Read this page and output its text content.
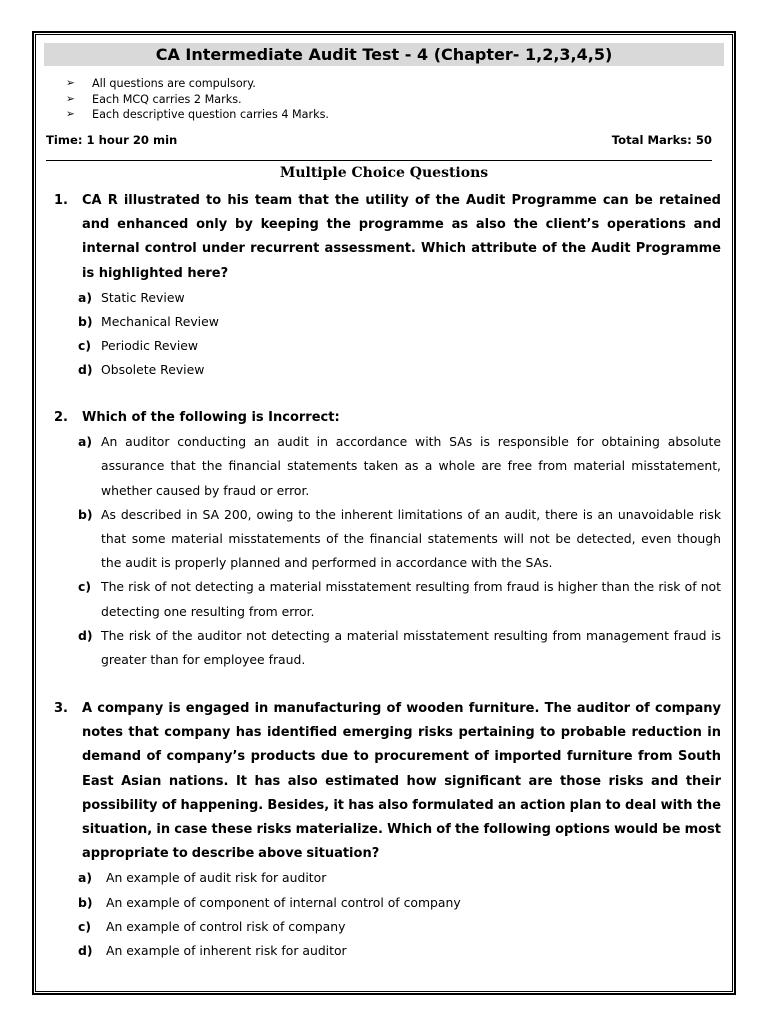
CA Intermediate Audit Test - 4 (Chapter- 1,2,3,4,5)
➢ All questions are compulsory.
➢ Each MCQ carries 2 Marks.
➢ Each descriptive question carries 4 Marks.
Time: 1 hour 20 min	Total Marks: 50
Multiple Choice Questions
1.	CA R illustrated to his team that the utility of the Audit Programme can be retained and enhanced only by keeping the programme as also the client’s operations and internal control under recurrent assessment. Which attribute of the Audit Programme is highlighted here?
a) Static Review
b) Mechanical Review
c) Periodic Review
d) Obsolete Review
2.	Which of the following is Incorrect:
a) An auditor conducting an audit in accordance with SAs is responsible for obtaining absolute assurance that the financial statements taken as a whole are free from material misstatement, whether caused by fraud or error.
b) As described in SA 200, owing to the inherent limitations of an audit, there is an unavoidable risk that some material misstatements of the financial statements will not be detected, even though the audit is properly planned and performed in accordance with the SAs.
c) The risk of not detecting a material misstatement resulting from fraud is higher than the risk of not detecting one resulting from error.
d) The risk of the auditor not detecting a material misstatement resulting from management fraud is greater than for employee fraud.
3.	A company is engaged in manufacturing of wooden furniture. The auditor of company notes that company has identified emerging risks pertaining to probable reduction in demand of company’s products due to procurement of imported furniture from South East Asian nations. It has also estimated how significant are those risks and their possibility of happening. Besides, it has also formulated an action plan to deal with the situation, in case these risks materialize. Which of the following options would be most appropriate to describe above situation?
a) An example of audit risk for auditor
b) An example of component of internal control of company
c) An example of control risk of company
d) An example of inherent risk for auditor
